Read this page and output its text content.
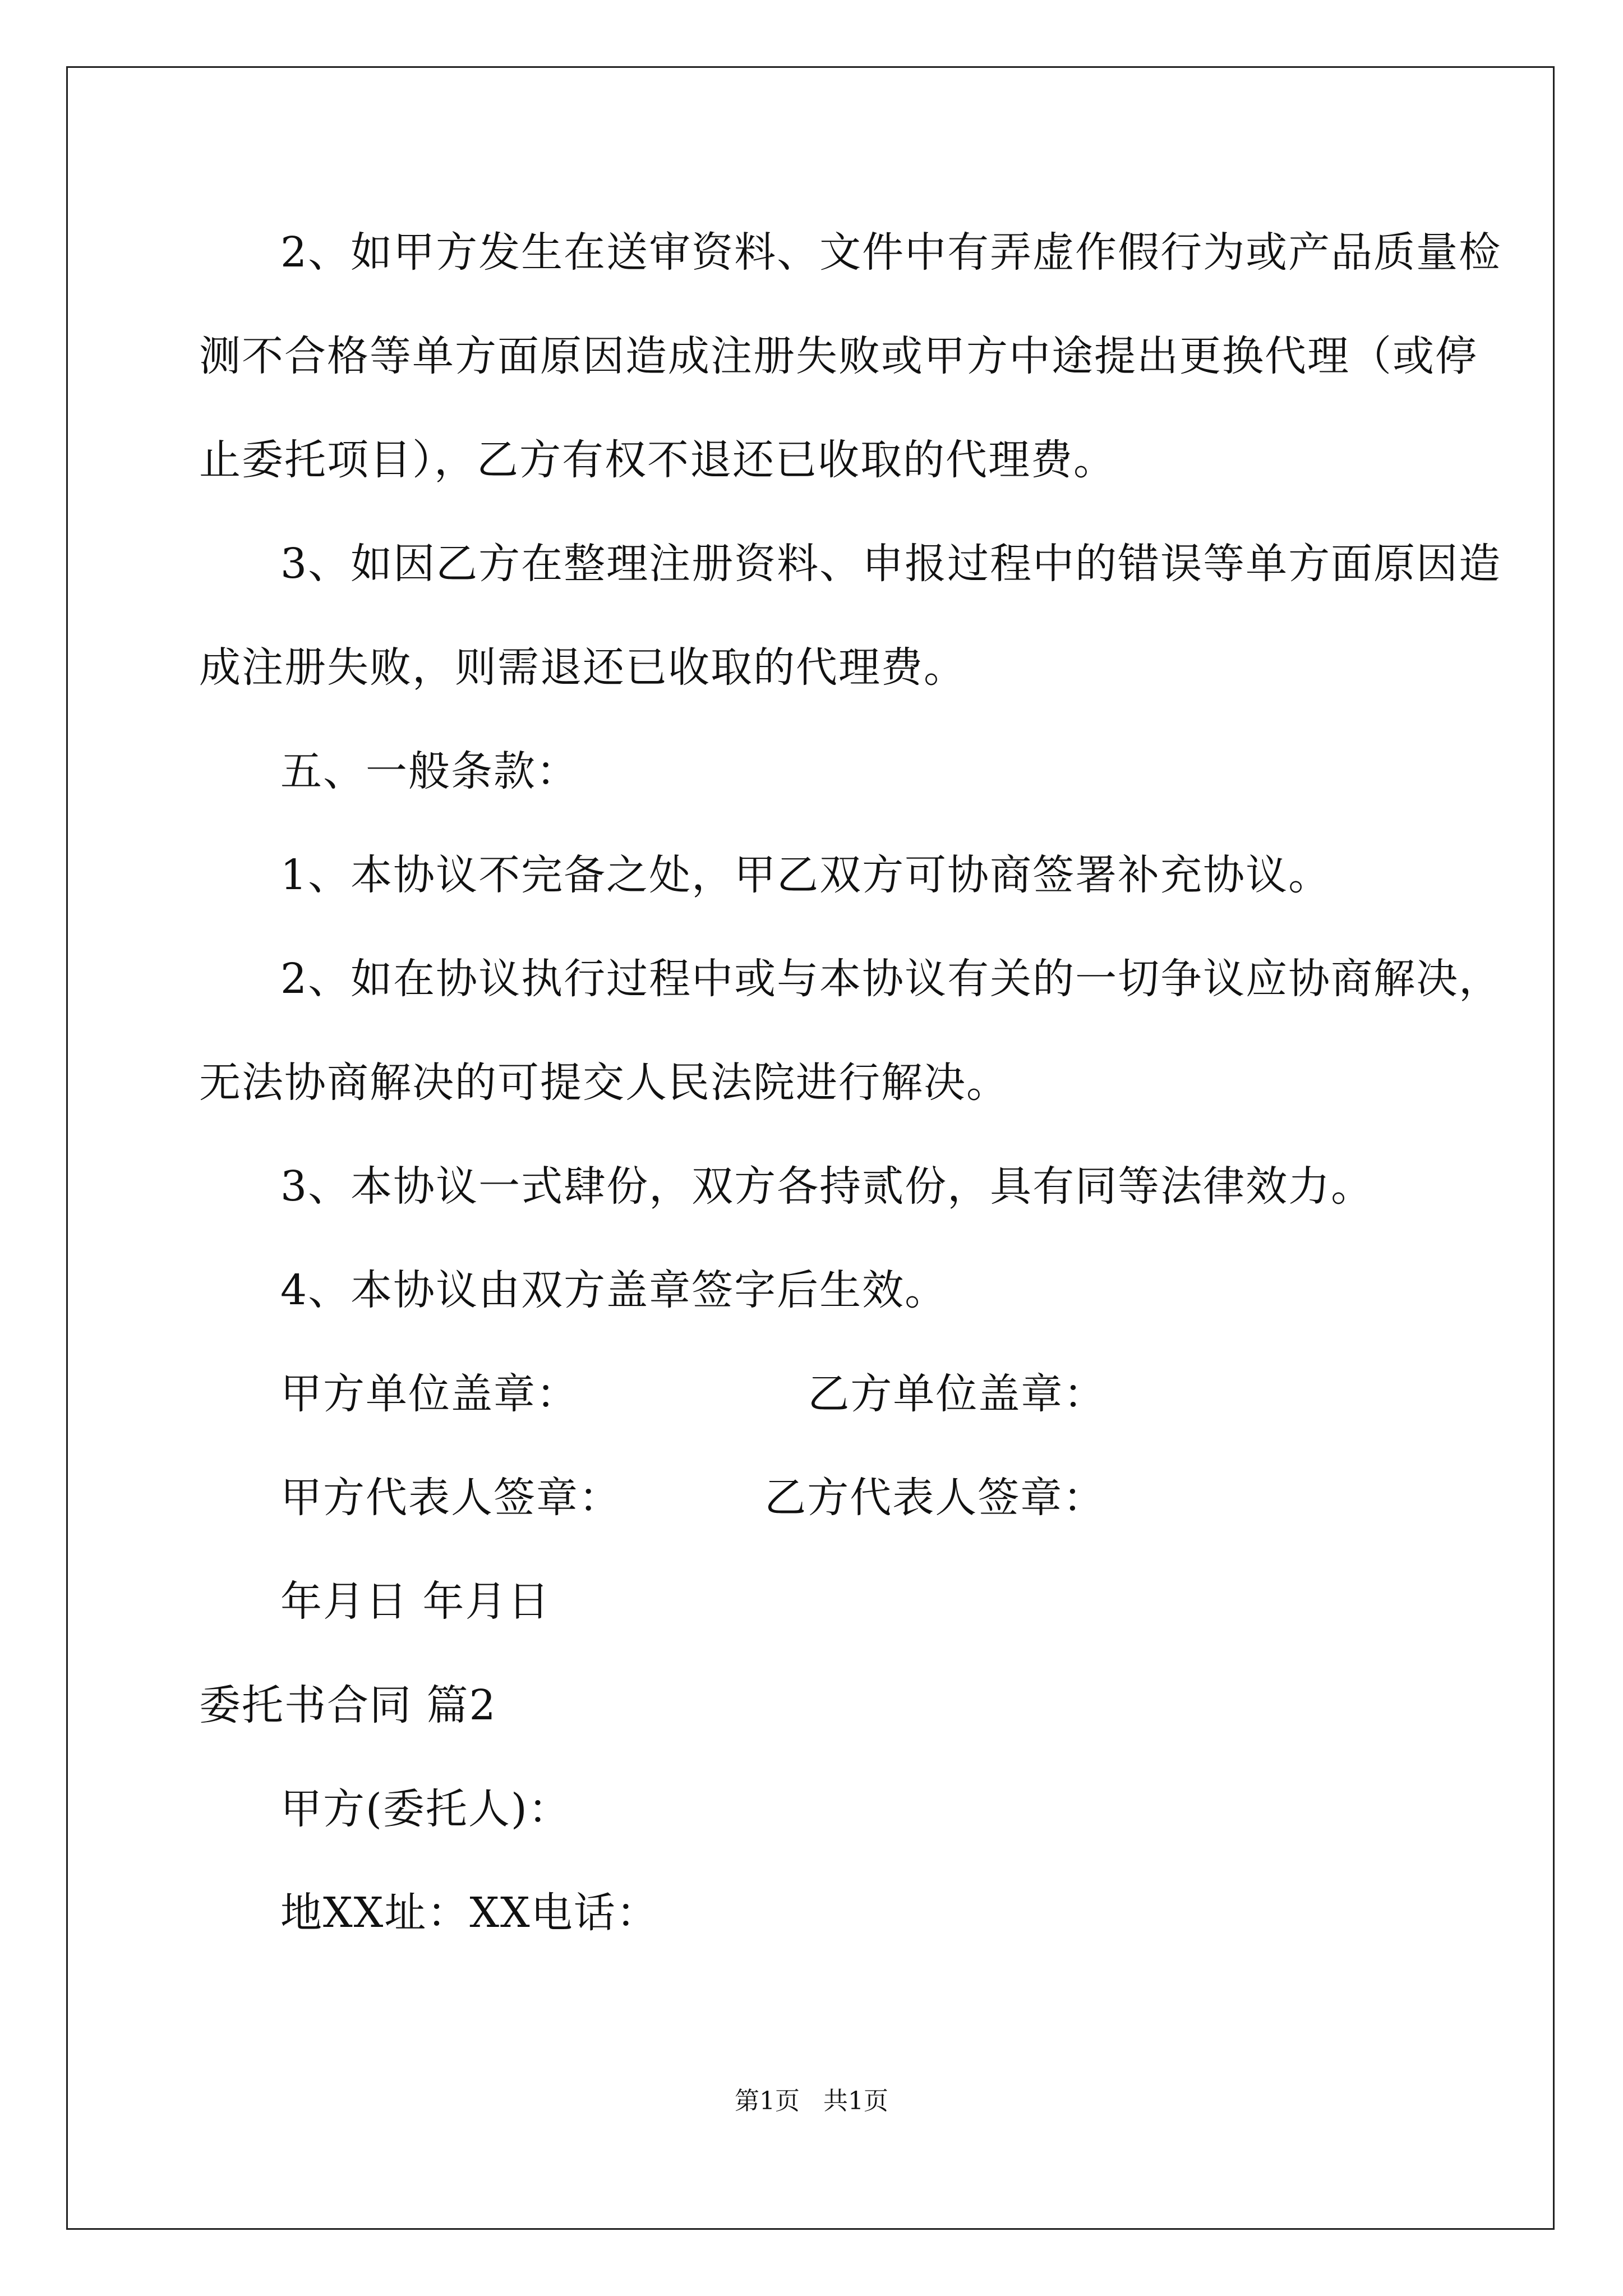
2、如甲方发生在送审资料、文件中有弄虚作假行为或产品质量检
测不合格等单方面原因造成注册失败或甲方中途提出更换代理（或停
止委托项目），乙方有权不退还已收取的代理费。
3、如因乙方在整理注册资料、申报过程中的错误等单方面原因造
成注册失败，则需退还已收取的代理费。
五、一般条款：
1、本协议不完备之处，甲乙双方可协商签署补充协议。
2、如在协议执行过程中或与本协议有关的一切争议应协商解决，
无法协商解决的可提交人民法院进行解决。
3、本协议一式肆份，双方各持贰份，具有同等法律效力。
4、本协议由双方盖章签字后生效。
甲方单位盖章：                乙方单位盖章：
甲方代表人签章：          乙方代表人签章：
年月日 年月日
委托书合同 篇2
甲方(委托人)：
地XX址：XX电话：
第1页   共1页
